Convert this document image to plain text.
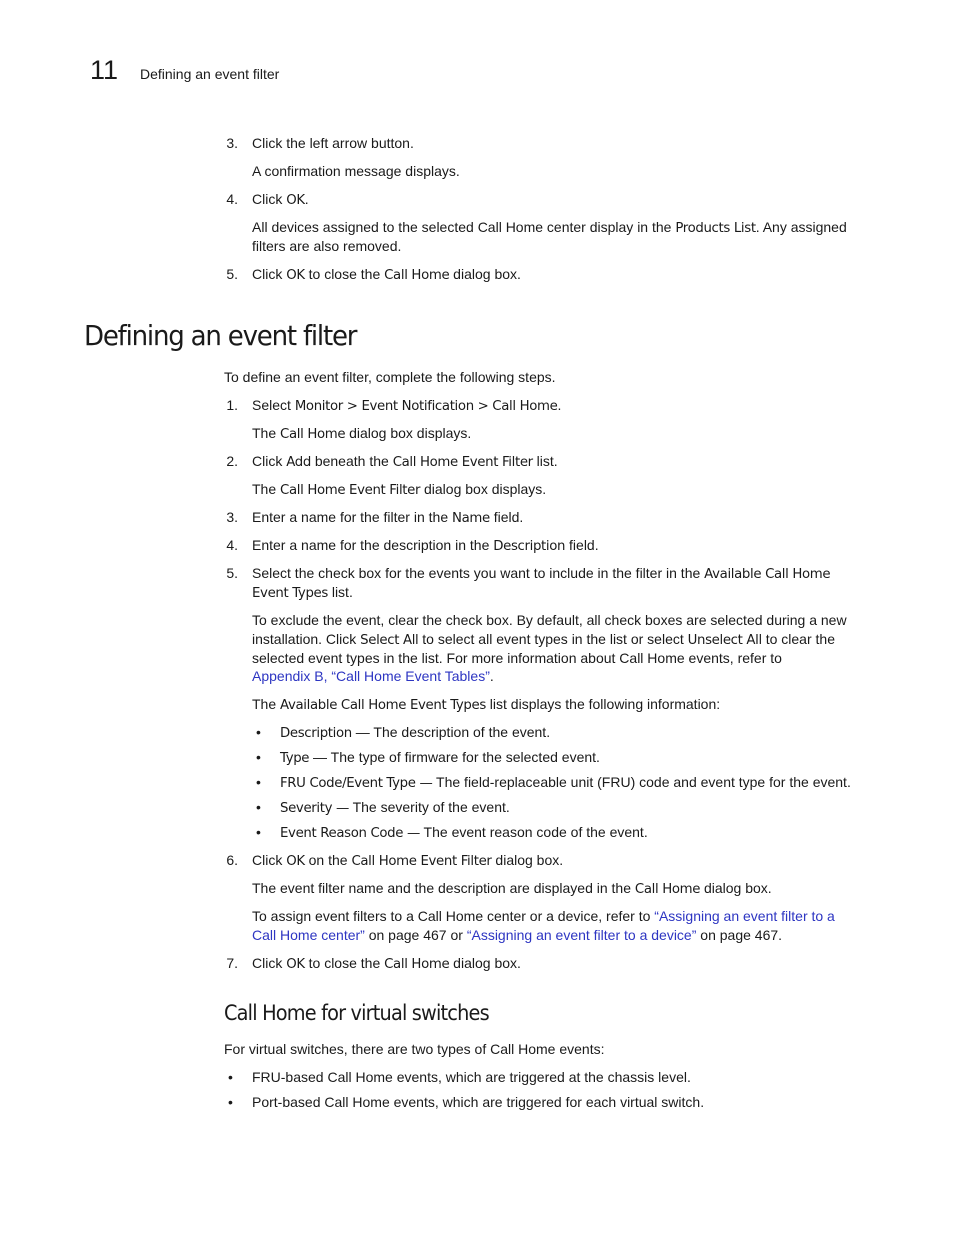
11 Defining an event filter
3. Click the left arrow button.
A confirmation message displays.
4. Click OK.
All devices assigned to the selected Call Home center display in the Products List. Any assigned
filters are also removed.
5. Click OK to close the Call Home dialog box.
Defining an event filter
To define an event filter, complete the following steps.
1. Select Monitor > Event Notification > Call Home.
The Call Home dialog box displays.
2. Click Add beneath the Call Home Event Filter list.
The Call Home Event Filter dialog box displays.
3. Enter a name for the filter in the Name field.
4. Enter a name for the description in the Description field.
5. Select the check box for the events you want to include in the filter in the Available Call Home
Event Types list.
To exclude the event, clear the check box. By default, all check boxes are selected during a new
installation. Click Select All to select all event types in the list or select Unselect All to clear the
selected event types in the list. For more information about Call Home events, refer to
Appendix B, “Call Home Event Tables”.
The Available Call Home Event Types list displays the following information:
• Description — The description of the event.
• Type — The type of firmware for the selected event.
• FRU Code/Event Type — The field-replaceable unit (FRU) code and event type for the event.
• Severity — The severity of the event.
• Event Reason Code — The event reason code of the event.
6. Click OK on the Call Home Event Filter dialog box.
The event filter name and the description are displayed in the Call Home dialog box.
To assign event filters to a Call Home center or a device, refer to “Assigning an event filter to a
Call Home center” on page 467 or “Assigning an event filter to a device” on page 467.
7. Click OK to close the Call Home dialog box.
Call Home for virtual switches
For virtual switches, there are two types of Call Home events:
• FRU-based Call Home events, which are triggered at the chassis level.
• Port-based Call Home events, which are triggered for each virtual switch.
